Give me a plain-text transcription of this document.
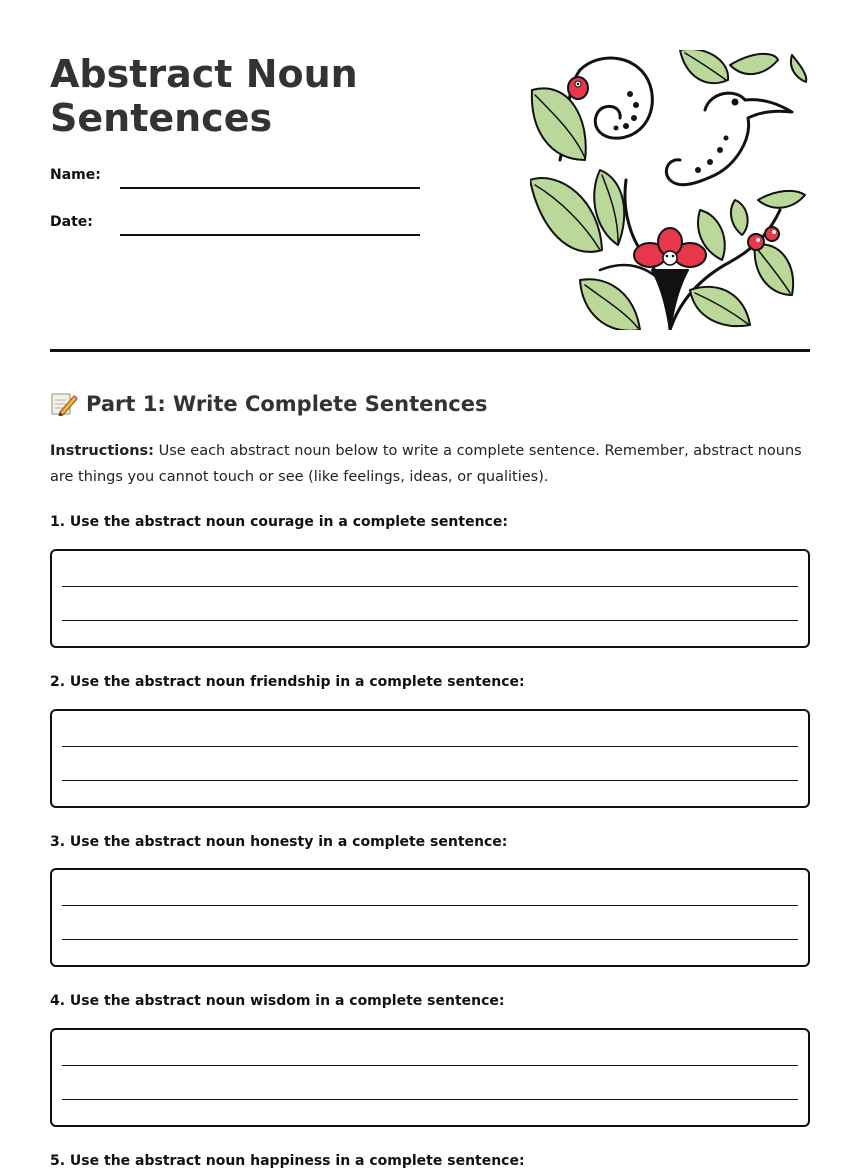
Abstract Noun
Sentences
Name:
Date:
Part 1: Write Complete Sentences

Instructions: Use each abstract noun below to write a complete sentence. Remember, abstract nouns are things you cannot touch or see (like feelings, ideas, or qualities).

1. Use the abstract noun courage in a complete sentence:

2. Use the abstract noun friendship in a complete sentence:

3. Use the abstract noun honesty in a complete sentence:

4. Use the abstract noun wisdom in a complete sentence:

5. Use the abstract noun happiness in a complete sentence:
